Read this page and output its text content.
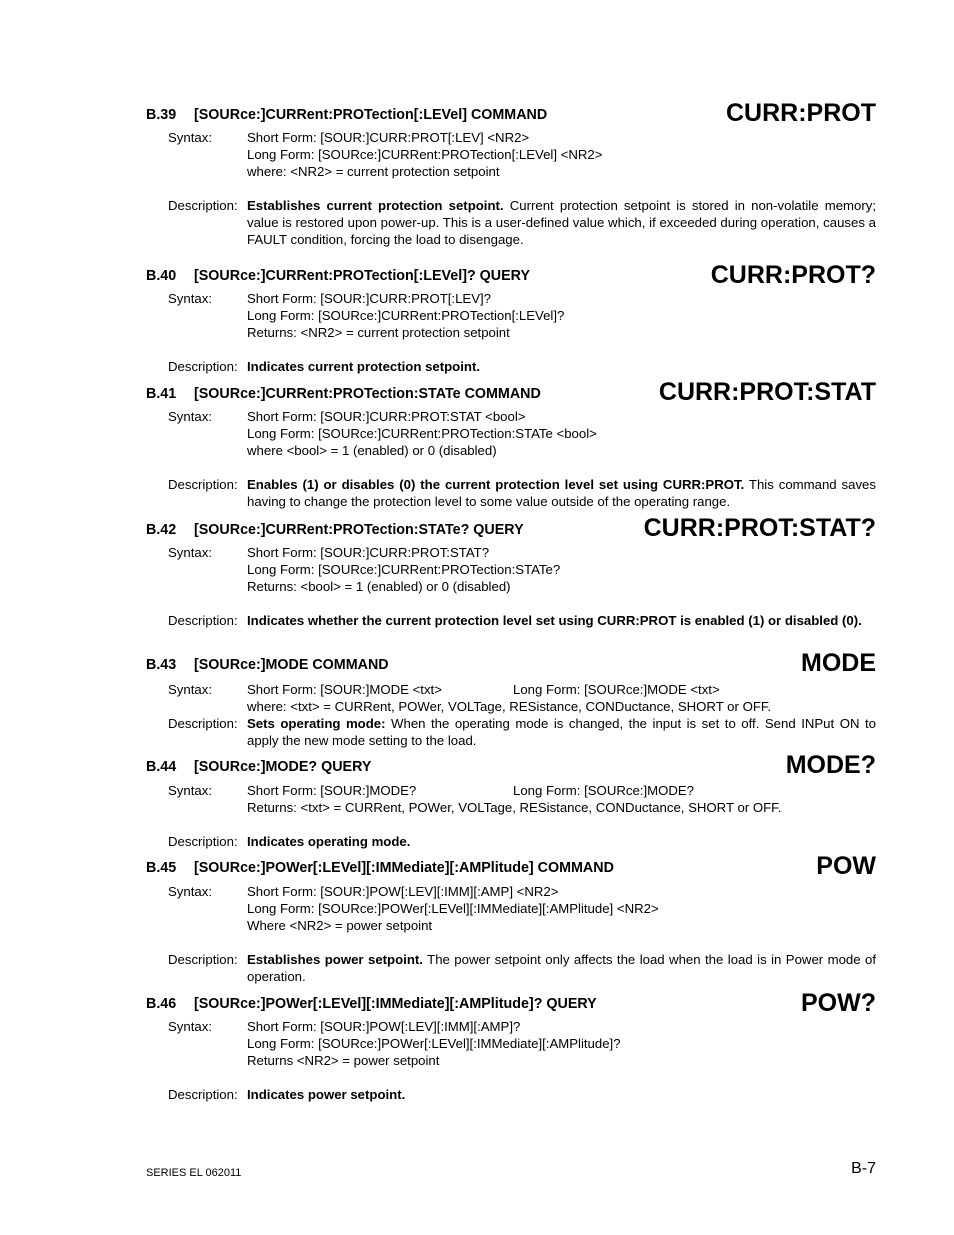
B.39 [SOURce:]CURRent:PROTection[:LEVel] COMMAND	CURR:PROT
Syntax:	Short Form: [SOUR:]CURR:PROT[:LEV] <NR2>
Long Form: [SOURce:]CURRent:PROTection[:LEVel] <NR2>
where: <NR2> = current protection setpoint
Description: Establishes current protection setpoint. Current protection setpoint is stored in non-volatile memory; value is restored upon power-up. This is a user-defined value which, if exceeded during operation, causes a FAULT condition, forcing the load to disengage.
B.40 [SOURce:]CURRent:PROTection[:LEVel]? QUERY	CURR:PROT?
Syntax:	Short Form: [SOUR:]CURR:PROT[:LEV]?
Long Form: [SOURce:]CURRent:PROTection[:LEVel]?
Returns: <NR2> = current protection setpoint
Description: Indicates current protection setpoint.
B.41 [SOURce:]CURRent:PROTection:STATe COMMAND	CURR:PROT:STAT
Syntax:	Short Form: [SOUR:]CURR:PROT:STAT <bool>
Long Form: [SOURce:]CURRent:PROTection:STATe <bool>
where <bool> = 1 (enabled) or 0 (disabled)
Description: Enables (1) or disables (0) the current protection level set using CURR:PROT. This command saves having to change the protection level to some value outside of the operating range.
B.42 [SOURce:]CURRent:PROTection:STATe? QUERY	CURR:PROT:STAT?
Syntax:	Short Form: [SOUR:]CURR:PROT:STAT?
Long Form: [SOURce:]CURRent:PROTection:STATe?
Returns: <bool> = 1 (enabled) or 0 (disabled)
Description: Indicates whether the current protection level set using CURR:PROT is enabled (1) or disabled (0).
B.43 [SOURce:]MODE COMMAND	MODE
Syntax:	Short Form: [SOUR:]MODE <txt>	Long Form: [SOURce:]MODE <txt>
where: <txt> = CURRent, POWer, VOLTage, RESistance, CONDuctance, SHORT or OFF.
Description: Sets operating mode: When the operating mode is changed, the input is set to off. Send INPut ON to apply the new mode setting to the load.
B.44 [SOURce:]MODE? QUERY	MODE?
Syntax:	Short Form: [SOUR:]MODE?	Long Form: [SOURce:]MODE?
Returns: <txt> = CURRent, POWer, VOLTage, RESistance, CONDuctance, SHORT or OFF.
Description: Indicates operating mode.
B.45 [SOURce:]POWer[:LEVel][:IMMediate][:AMPlitude] COMMAND	POW
Syntax:	Short Form: [SOUR:]POW[:LEV][:IMM][:AMP] <NR2>
Long Form: [SOURce:]POWer[:LEVel][:IMMediate][:AMPlitude] <NR2>
Where <NR2> = power setpoint
Description: Establishes power setpoint. The power setpoint only affects the load when the load is in Power mode of operation.
B.46 [SOURce:]POWer[:LEVel][:IMMediate][:AMPlitude]? QUERY	POW?
Syntax:	Short Form: [SOUR:]POW[:LEV][:IMM][:AMP]?
Long Form: [SOURce:]POWer[:LEVel][:IMMediate][:AMPlitude]?
Returns <NR2> = power setpoint
Description: Indicates power setpoint.
SERIES EL 062011	B-7
